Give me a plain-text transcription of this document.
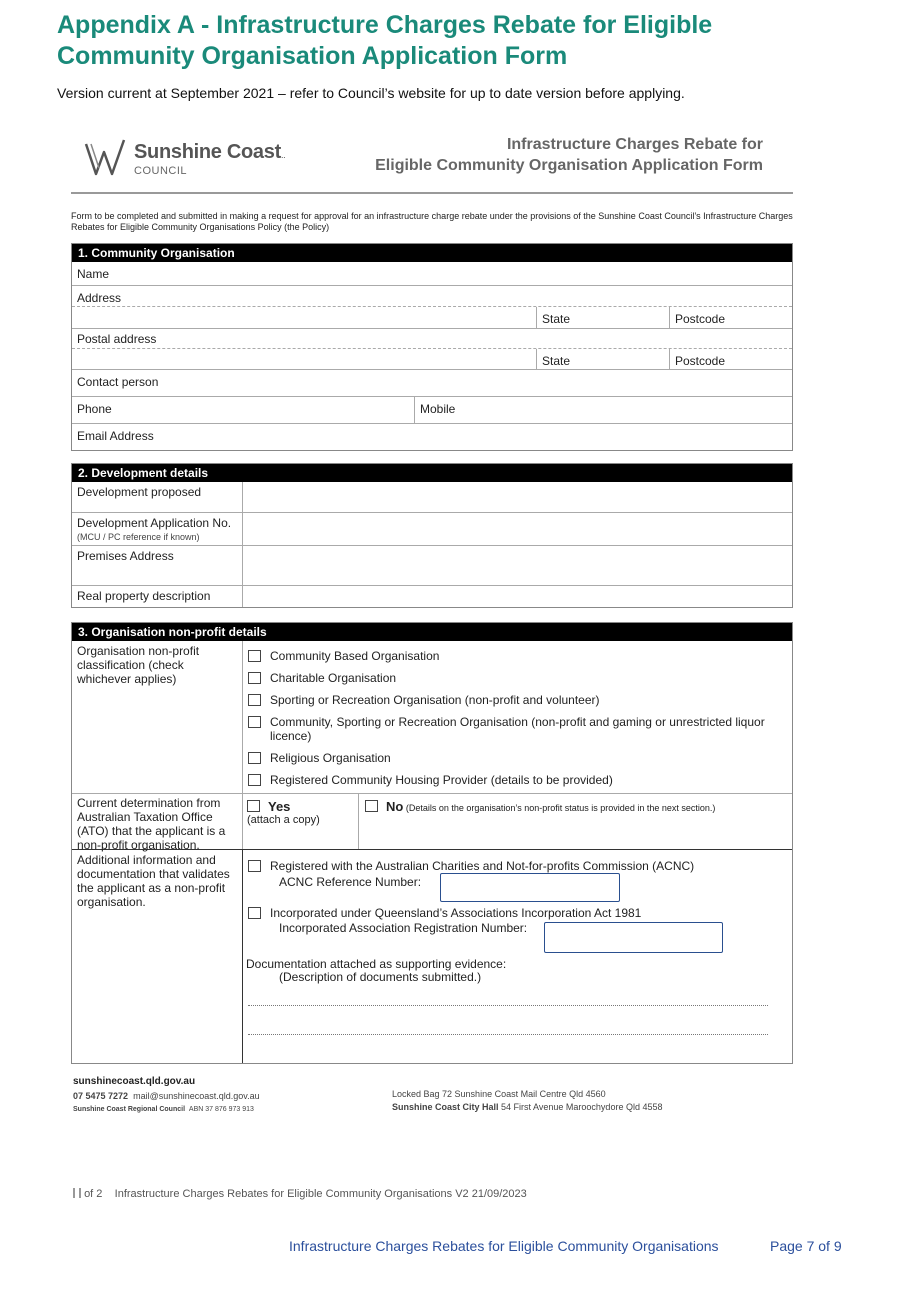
Appendix A - Infrastructure Charges Rebate for Eligible
Community Organisation Application Form
Version current at September 2021 – refer to Council’s website for up to date version before applying.
Sunshine Coast..
COUNCIL
Infrastructure Charges Rebate for
Eligible Community Organisation Application Form
Form to be completed and submitted in making a request for approval for an infrastructure charge rebate under the provisions of the Sunshine Coast Council’s Infrastructure Charges Rebates for Eligible Community Organisations Policy (the Policy)
1. Community Organisation
Name
Address
State	Postcode
Postal address
State	Postcode
Contact person
Phone	Mobile
Email Address
2. Development details
Development proposed
Development Application No.
(MCU / PC reference if known)
Premises Address
Real property description
3. Organisation non-profit details
Organisation non-profit classification (check whichever applies)
Community Based Organisation
Charitable Organisation
Sporting or Recreation Organisation (non-profit and volunteer)
Community, Sporting or Recreation Organisation (non-profit and gaming or unrestricted liquor licence)
Religious Organisation
Registered Community Housing Provider (details to be provided)
Current determination from Australian Taxation Office (ATO) that the applicant is a non-profit organisation.
Yes
(attach a copy)
No (Details on the organisation’s non-profit status is provided in the next section.)
Additional information and documentation that validates the applicant as a non-profit organisation.
Registered with the Australian Charities and Not-for-profits Commission (ACNC)
ACNC Reference Number:
Incorporated under Queensland’s Associations Incorporation Act 1981
Incorporated Association Registration Number:
Documentation attached as supporting evidence:
(Description of documents submitted.)
sunshinecoast.qld.gov.au
07 5475 7272 mail@sunshinecoast.qld.gov.au
Sunshine Coast Regional Council ABN 37 876 973 913
Locked Bag 72 Sunshine Coast Mail Centre Qld 4560
Sunshine Coast City Hall 54 First Avenue Maroochydore Qld 4558
of 2 Infrastructure Charges Rebates for Eligible Community Organisations V2 21/09/2023
Infrastructure Charges Rebates for Eligible Community Organisations	Page 7 of 9
